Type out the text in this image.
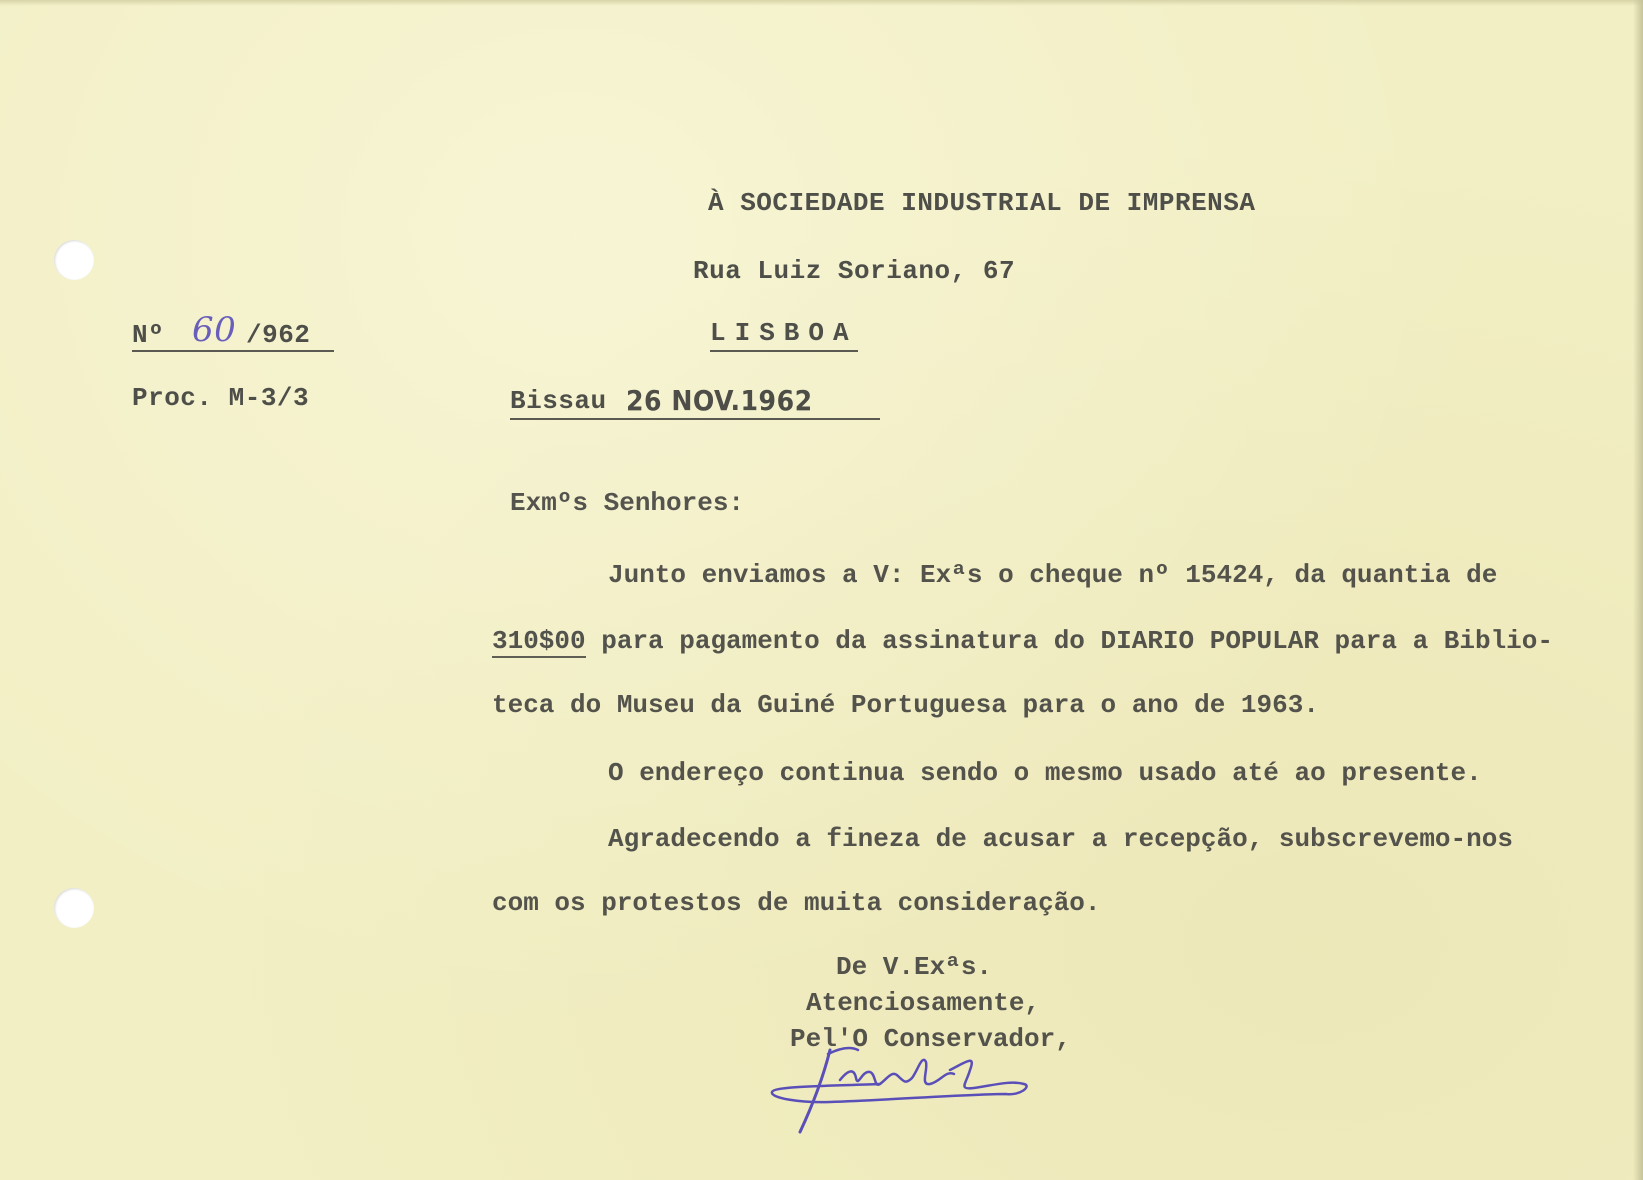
À SOCIEDADE INDUSTRIAL DE IMPRENSA
Rua Luiz Soriano, 67
LISBOA
Nº 60 /962
Proc. M-3/3	Bissau 26 NOV.1962
Exmºs Senhores:
Junto enviamos a V: Exªs o cheque nº 15424, da quantia de
310$00 para pagamento da assinatura do DIARIO POPULAR para a Biblio-
teca do Museu da Guiné Portuguesa para o ano de 1963.
O endereço continua sendo o mesmo usado até ao presente.
Agradecendo a fineza de acusar a recepção, subscrevemo-nos
com os protestos de muita consideração.
De V.Exªs.
Atenciosamente,
Pel'O Conservador,
